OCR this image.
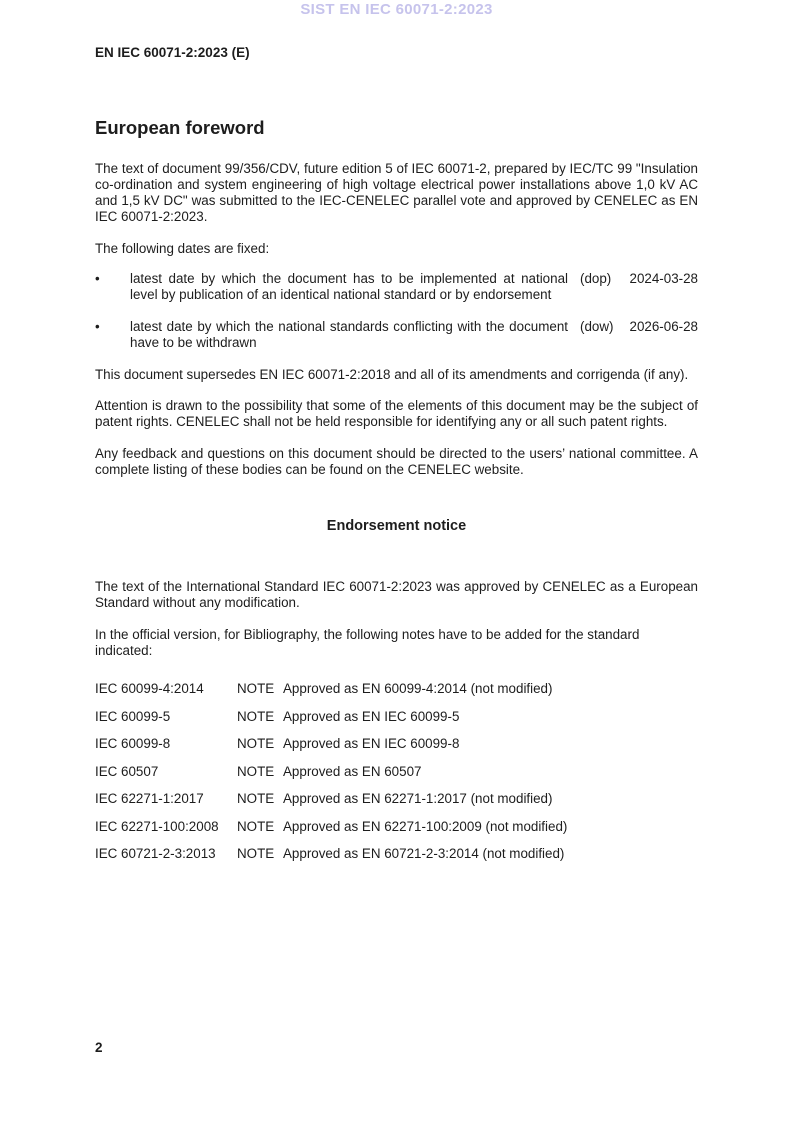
SIST EN IEC 60071-2:2023
EN IEC 60071-2:2023 (E)
European foreword

The text of document 99/356/CDV, future edition 5 of IEC 60071-2, prepared by IEC/TC 99 "Insulation co-ordination and system engineering of high voltage electrical power installations above 1,0 kV AC and 1,5 kV DC" was submitted to the IEC-CENELEC parallel vote and approved by CENELEC as EN IEC 60071-2:2023.

The following dates are fixed:

•	latest date by which the document has to be implemented at national level by publication of an identical national standard or by endorsement
(dop)	2024-03-28
•	latest date by which the national standards conflicting with the document have to be withdrawn
(dow)	2026-06-28

This document supersedes EN IEC 60071-2:2018 and all of its amendments and corrigenda (if any).

Attention is drawn to the possibility that some of the elements of this document may be the subject of patent rights. CENELEC shall not be held responsible for identifying any or all such patent rights.

Any feedback and questions on this document should be directed to the users’ national committee. A complete listing of these bodies can be found on the CENELEC website.

Endorsement notice

The text of the International Standard IEC 60071-2:2023 was approved by CENELEC as a European Standard without any modification.

In the official version, for Bibliography, the following notes have to be added for the standard indicated:

IEC 60099-4:2014	NOTE Approved as EN 60099-4:2014 (not modified)
IEC 60099-5	NOTE Approved as EN IEC 60099-5
IEC 60099-8	NOTE Approved as EN IEC 60099-8
IEC 60507	NOTE Approved as EN 60507
IEC 62271-1:2017	NOTE Approved as EN 62271-1:2017 (not modified)
IEC 62271-100:2008	NOTE Approved as EN 62271-100:2009 (not modified)
IEC 60721-2-3:2013	NOTE Approved as EN 60721-2-3:2014 (not modified)
2
